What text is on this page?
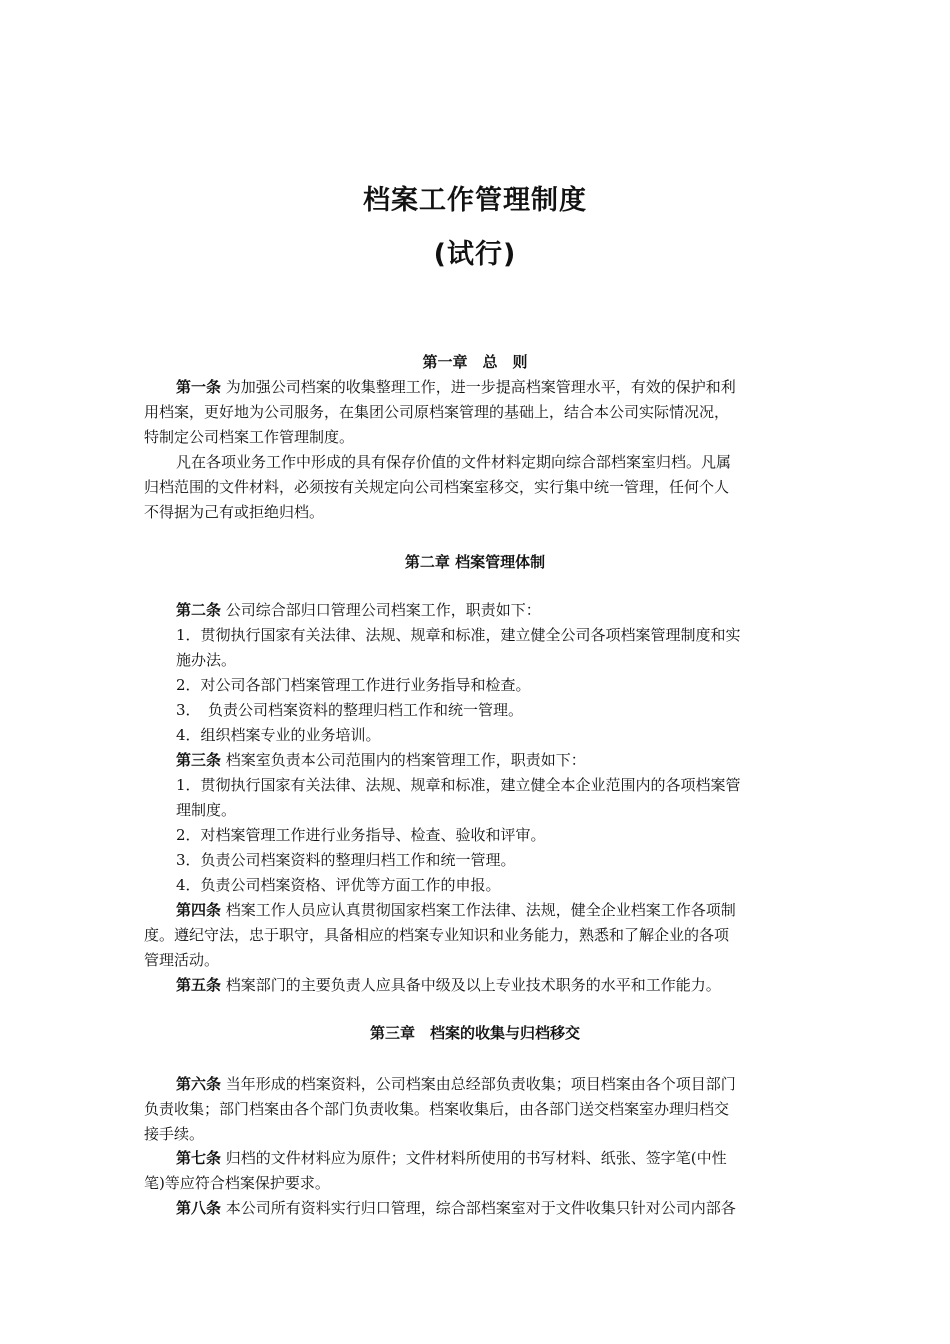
档案工作管理制度
(试行)
第一章　总　则
第一条 为加强公司档案的收集整理工作，进一步提高档案管理水平，有效的保护和利
用档案，更好地为公司服务，在集团公司原档案管理的基础上，结合本公司实际情况况，
特制定公司档案工作管理制度。
凡在各项业务工作中形成的具有保存价值的文件材料定期向综合部档案室归档。凡属
归档范围的文件材料，必须按有关规定向公司档案室移交，实行集中统一管理，任何个人
不得据为己有或拒绝归档。
第二章 档案管理体制
第二条 公司综合部归口管理公司档案工作，职责如下：
1．贯彻执行国家有关法律、法规、规章和标准，建立健全公司各项档案管理制度和实
施办法。
2．对公司各部门档案管理工作进行业务指导和检查。
3．　负责公司档案资料的整理归档工作和统一管理。
4．组织档案专业的业务培训。
第三条 档案室负责本公司范围内的档案管理工作，职责如下：
1．贯彻执行国家有关法律、法规、规章和标准，建立健全本企业范围内的各项档案管
理制度。
2．对档案管理工作进行业务指导、检查、验收和评审。
3．负责公司档案资料的整理归档工作和统一管理。
4．负责公司档案资格、评优等方面工作的申报。
第四条 档案工作人员应认真贯彻国家档案工作法律、法规，健全企业档案工作各项制
度。遵纪守法，忠于职守，具备相应的档案专业知识和业务能力，熟悉和了解企业的各项
管理活动。
第五条 档案部门的主要负责人应具备中级及以上专业技术职务的水平和工作能力。
第三章　档案的收集与归档移交
第六条 当年形成的档案资料，公司档案由总经部负责收集；项目档案由各个项目部门
负责收集；部门档案由各个部门负责收集。档案收集后，由各部门送交档案室办理归档交
接手续。
第七条 归档的文件材料应为原件；文件材料所使用的书写材料、纸张、签字笔(中性
笔)等应符合档案保护要求。
第八条 本公司所有资料实行归口管理，综合部档案室对于文件收集只针对公司内部各
